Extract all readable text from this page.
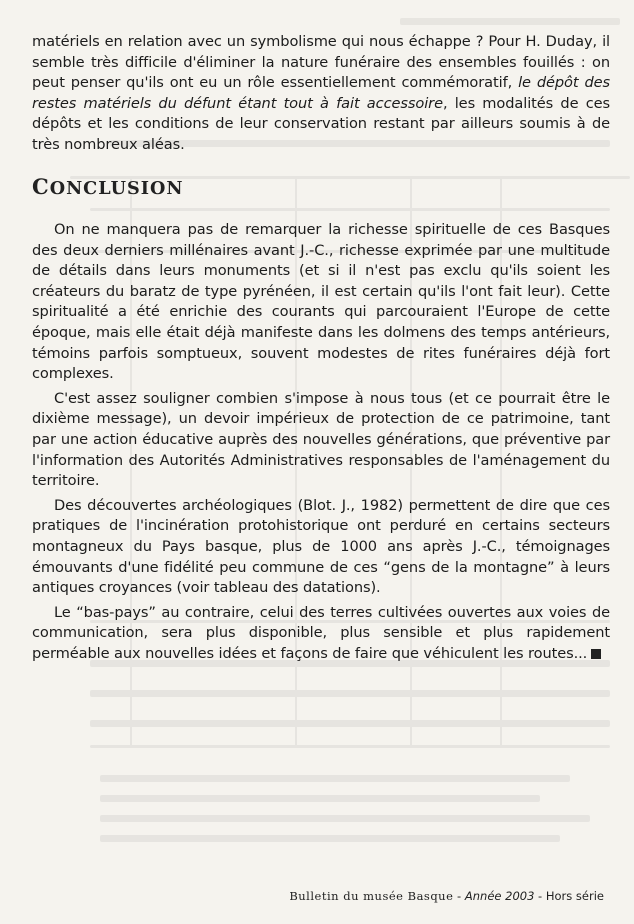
matériels en relation avec un symbolisme qui nous échappe ? Pour H. Duday, il semble très difficile d'éliminer la nature funéraire des ensembles fouillés : on peut penser qu'ils ont eu un rôle essentiellement commémoratif, le dépôt des restes matériels du défunt étant tout à fait accessoire, les modalités de ces dépôts et les conditions de leur conservation restant par ailleurs soumis à de très nombreux aléas.
CONCLUSION

On ne manquera pas de remarquer la richesse spirituelle de ces Basques des deux derniers millénaires avant J.-C., richesse exprimée par une multitude de détails dans leurs monuments (et si il n'est pas exclu qu'ils soient les créateurs du baratz de type pyrénéen, il est certain qu'ils l'ont fait leur). Cette spiritualité a été enrichie des courants qui parcouraient l'Europe de cette époque, mais elle était déjà manifeste dans les dolmens des temps antérieurs, témoins parfois somptueux, souvent modestes de rites funéraires déjà fort complexes.

C'est assez souligner combien s'impose à nous tous (et ce pourrait être le dixième message), un devoir impérieux de protection de ce patrimoine, tant par une action éducative auprès des nouvelles générations, que préventive par l'information des Autorités Administratives responsables de l'aménagement du territoire.

Des découvertes archéologiques (Blot. J., 1982) permettent de dire que ces pratiques de l'incinération protohistorique ont perduré en certains secteurs montagneux du Pays basque, plus de 1000 ans après J.-C., témoignages émouvants d'une fidélité peu commune de ces “gens de la montagne” à leurs antiques croyances (voir tableau des datations).

Le “bas-pays” au contraire, celui des terres cultivées ouvertes aux voies de communication, sera plus disponible, plus sensible et plus rapidement perméable aux nouvelles idées et façons de faire que véhiculent les routes...

Bulletin du musée Basque - Année 2003 - Hors série
